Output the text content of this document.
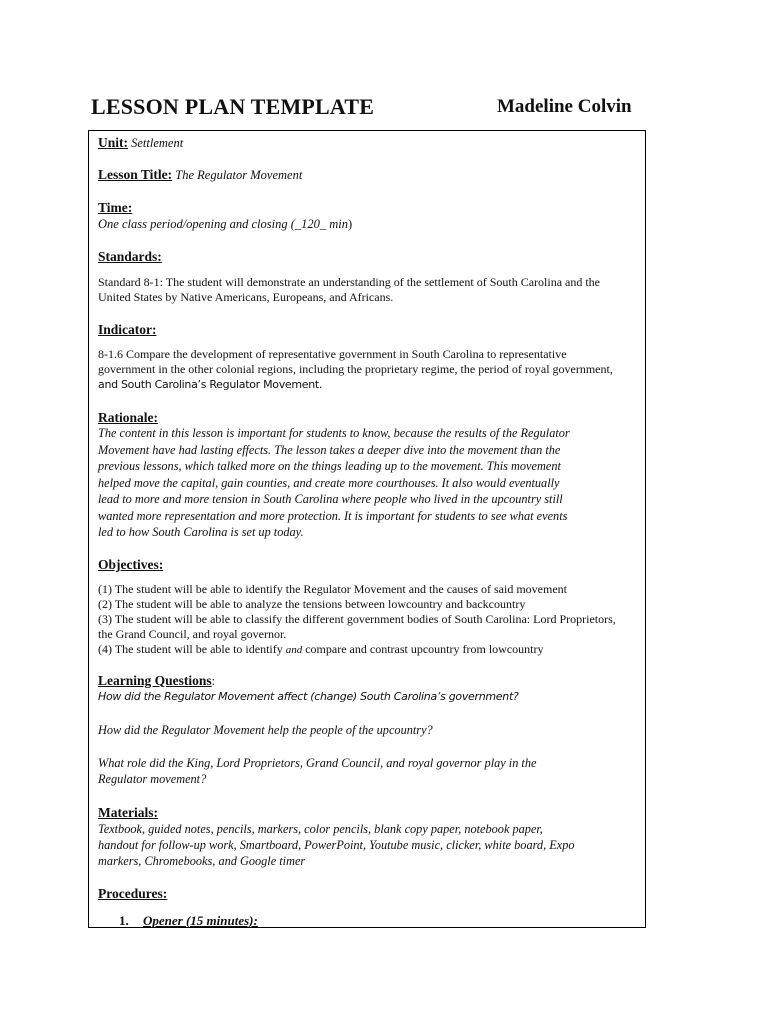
LESSON PLAN TEMPLATE	Madeline Colvin
Unit: Settlement
Lesson Title: The Regulator Movement
Time:
One class period/opening and closing (_120_ min)
Standards:
Standard 8-1: The student will demonstrate an understanding of the settlement of South Carolina and the
United States by Native Americans, Europeans, and Africans.
Indicator:
8-1.6 Compare the development of representative government in South Carolina to representative
government in the other colonial regions, including the proprietary regime, the period of royal government,
and South Carolina’s Regulator Movement.
Rationale:
The content in this lesson is important for students to know, because the results of the Regulator
Movement have had lasting effects. The lesson takes a deeper dive into the movement than the
previous lessons, which talked more on the things leading up to the movement. This movement
helped move the capital, gain counties, and create more courthouses. It also would eventually
lead to more and more tension in South Carolina where people who lived in the upcountry still
wanted more representation and more protection. It is important for students to see what events
led to how South Carolina is set up today.
Objectives:
(1) The student will be able to identify the Regulator Movement and the causes of said movement
(2) The student will be able to analyze the tensions between lowcountry and backcountry
(3) The student will be able to classify the different government bodies of South Carolina: Lord Proprietors,
the Grand Council, and royal governor.
(4) The student will be able to identify and compare and contrast upcountry from lowcountry
Learning Questions:
How did the Regulator Movement affect (change) South Carolina’s government?
How did the Regulator Movement help the people of the upcountry?
What role did the King, Lord Proprietors, Grand Council, and royal governor play in the
Regulator movement?
Materials:
Textbook, guided notes, pencils, markers, color pencils, blank copy paper, notebook paper,
handout for follow-up work, Smartboard, PowerPoint, Youtube music, clicker, white board, Expo
markers, Chromebooks, and Google timer
Procedures:
1. Opener (15 minutes):
